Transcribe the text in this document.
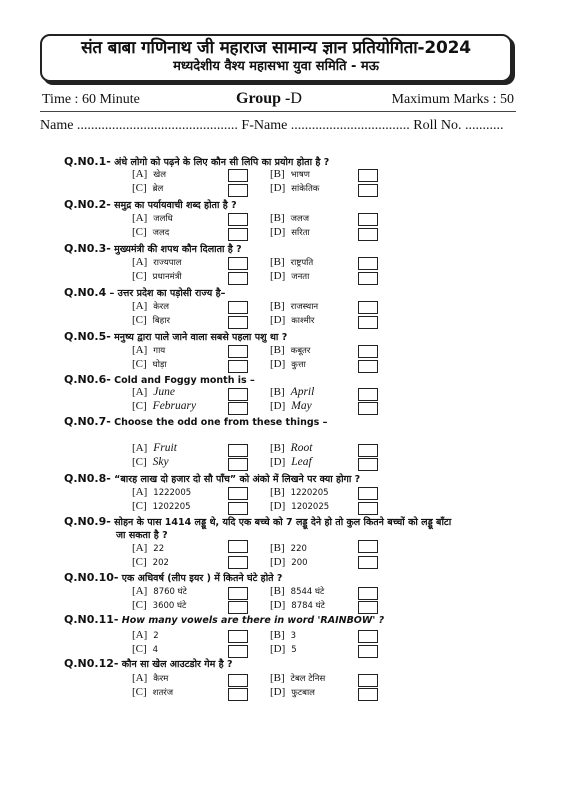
संत बाबा गणिनाथ जी महाराज सामान्य ज्ञान प्रतियोगिता-2024
मध्यदेशीय वैश्य महासभा युवा समिति - मऊ
Time : 60 Minute	Group -D	Maximum Marks : 50
Name .............................................. F-Name .................................. Roll No. ...........
Q.N0.1- अंधे लोगो को पढ़ने के लिए कौन सी लिपि का प्रयोग होता है ?
[A] खेल	[B] भाषण
[C] ब्रेल	[D] सांकेतिक
Q.N0.2- समुद्र का पर्यायवाची शब्द होता है ?
[A] जलधि	[B] जलज
[C] जलद	[D] सरिता
Q.N0.3- मुख्यमंत्री की शपथ कौन दिलाता है ?
[A] राज्यपाल	[B] राष्ट्रपति
[C] प्रधानमंत्री	[D] जनता
Q.N0.4 – उत्तर प्रदेश का पड़ोसी राज्य है–
[A] केरल	[B] राजस्थान
[C] बिहार	[D] काश्मीर
Q.N0.5- मनुष्य द्वारा पाले जाने वाला सबसे पहला पशु था ?
[A] गाय	[B] कबूतर
[C] घोड़ा	[D] कुत्ता
Q.N0.6- Cold and Foggy month is –
[A] June	[B] April
[C] February	[D] May
Q.N0.7- Choose the odd one from these things –
[A] Fruit	[B] Root
[C] Sky	[D] Leaf
Q.N0.8- “बारह लाख दो हजार दो सौ पाँच” को अंको में लिखने पर क्या होगा ?
[A] 1222005	[B] 1220205
[C] 1202205	[D] 1202025
Q.N0.9- सोहन के पास 1414 लड्डू थे, यदि एक बच्चे को 7 लड्डू देने हो तो कुल कितने बच्चों को लड्डू बाँटा
जा सकता है ?
[A] 22	[B] 220
[C] 202	[D] 200
Q.N0.10- एक अधिवर्ष (लीप इयर ) में कितने घंटे होते ?
[A] 8760 घंटे	[B] 8544 घंटे
[C] 3600 घंटे	[D] 8784 घंटे
Q.N0.11- How many vowels are there in word 'RAINBOW' ?
[A] 2	[B] 3
[C] 4	[D] 5
Q.N0.12- कौन सा खेल आउटडोर गेम है ?
[A] कैरम	[B] टेबल टेनिस
[C] शतरंज	[D] फुटबाल
